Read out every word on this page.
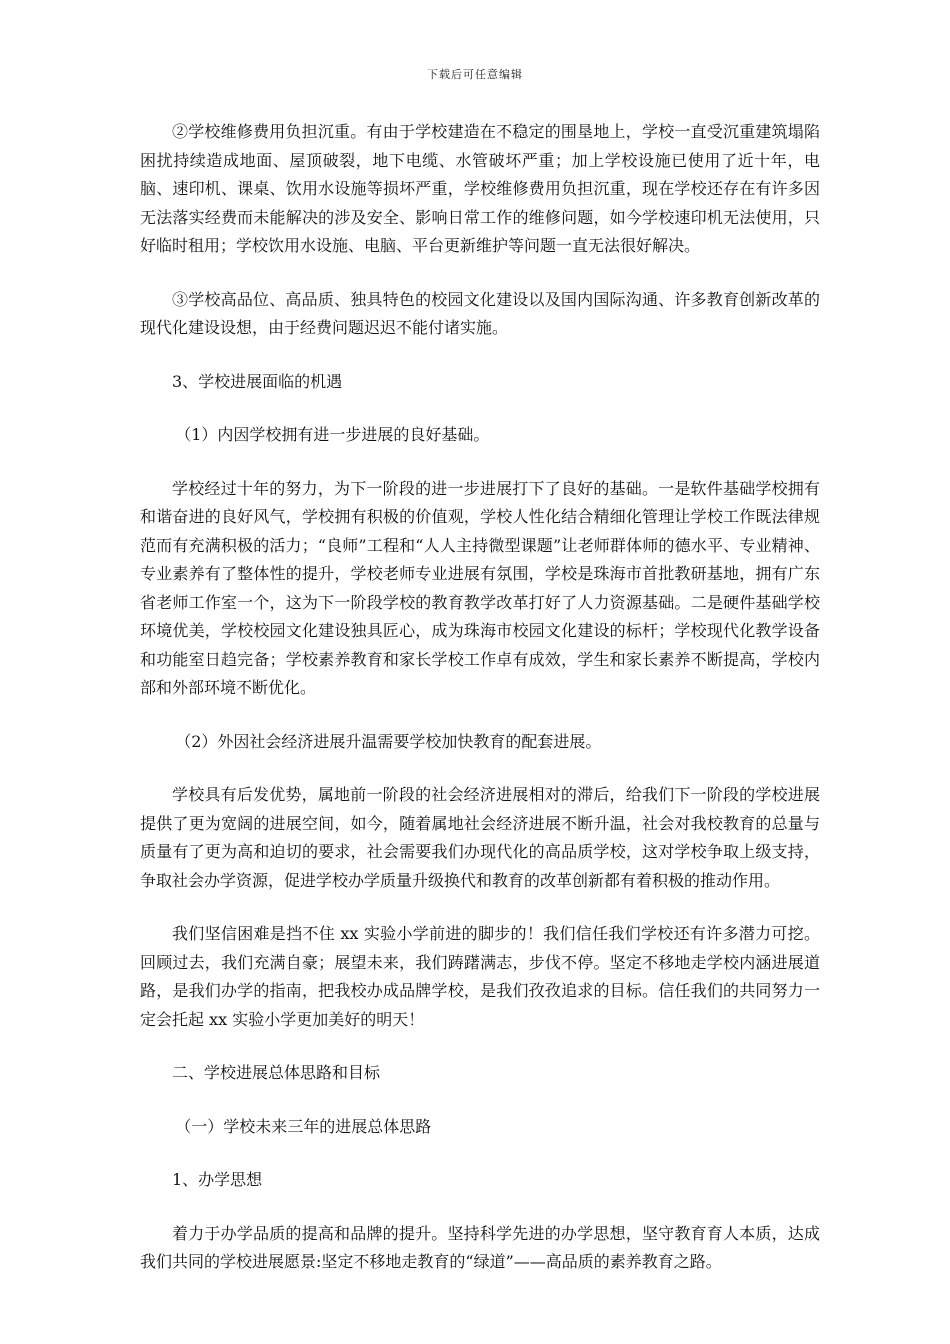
下载后可任意编辑

②学校维修费用负担沉重。有由于学校建造在不稳定的围垦地上，学校一直受沉重建筑塌陷困扰持续造成地面、屋顶破裂，地下电缆、水管破坏严重；加上学校设施已使用了近十年，电脑、速印机、课桌、饮用水设施等损坏严重，学校维修费用负担沉重，现在学校还存在有许多因无法落实经费而未能解决的涉及安全、影响日常工作的维修问题，如今学校速印机无法使用，只好临时租用；学校饮用水设施、电脑、平台更新维护等问题一直无法很好解决。

③学校高品位、高品质、独具特色的校园文化建设以及国内国际沟通、许多教育创新改革的现代化建设设想，由于经费问题迟迟不能付诸实施。

3、学校进展面临的机遇

（1）内因学校拥有进一步进展的良好基础。

学校经过十年的努力，为下一阶段的进一步进展打下了良好的基础。一是软件基础学校拥有和谐奋进的良好风气，学校拥有积极的价值观，学校人性化结合精细化管理让学校工作既法律规范而有充满积极的活力；“良师”工程和“人人主持微型课题”让老师群体师的德水平、专业精神、专业素养有了整体性的提升，学校老师专业进展有氛围，学校是珠海市首批教研基地，拥有广东省老师工作室一个，这为下一阶段学校的教育教学改革打好了人力资源基础。二是硬件基础学校环境优美，学校校园文化建设独具匠心，成为珠海市校园文化建设的标杆；学校现代化教学设备和功能室日趋完备；学校素养教育和家长学校工作卓有成效，学生和家长素养不断提高，学校内部和外部环境不断优化。

（2）外因社会经济进展升温需要学校加快教育的配套进展。

学校具有后发优势，属地前一阶段的社会经济进展相对的滞后，给我们下一阶段的学校进展提供了更为宽阔的进展空间，如今，随着属地社会经济进展不断升温，社会对我校教育的总量与质量有了更为高和迫切的要求，社会需要我们办现代化的高品质学校，这对学校争取上级支持，争取社会办学资源，促进学校办学质量升级换代和教育的改革创新都有着积极的推动作用。

我们坚信困难是挡不住 xx 实验小学前进的脚步的！我们信任我们学校还有许多潜力可挖。回顾过去，我们充满自豪；展望未来，我们踌躇满志，步伐不停。坚定不移地走学校内涵进展道路，是我们办学的指南，把我校办成品牌学校，是我们孜孜追求的目标。信任我们的共同努力一定会托起 xx 实验小学更加美好的明天！

二、学校进展总体思路和目标

（一）学校未来三年的进展总体思路

1、办学思想

着力于办学品质的提高和品牌的提升。坚持科学先进的办学思想，坚守教育育人本质，达成我们共同的学校进展愿景:坚定不移地走教育的“绿道”——高品质的素养教育之路。
